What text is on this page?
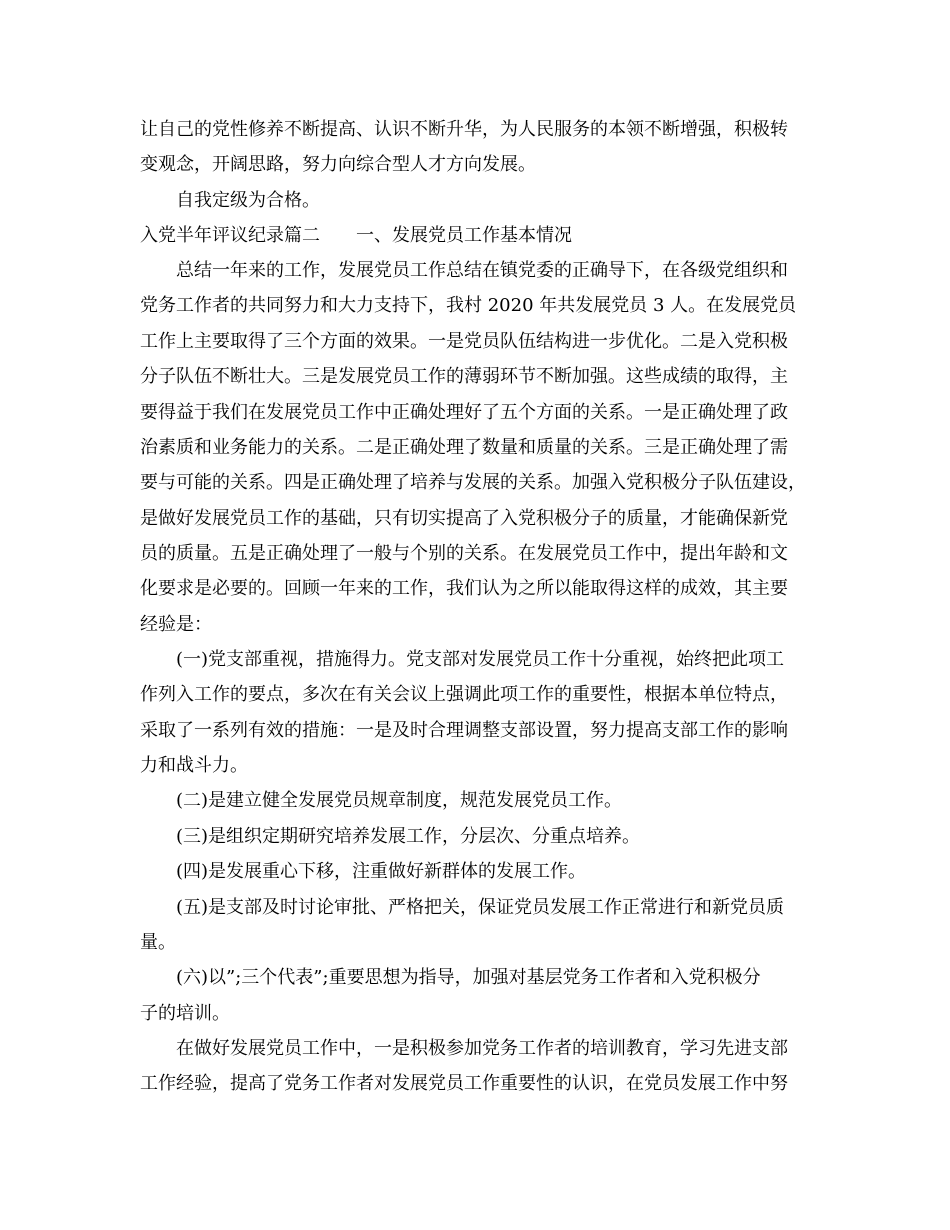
让自己的党性修养不断提高、认识不断升华，为人民服务的本领不断增强，积极转
变观念，开阔思路，努力向综合型人才方向发展。
自我定级为合格。
入党半年评议纪录篇二　　一、发展党员工作基本情况
总结一年来的工作，发展党员工作总结在镇党委的正确导下，在各级党组织和
党务工作者的共同努力和大力支持下，我村 2020 年共发展党员 3 人。在发展党员
工作上主要取得了三个方面的效果。一是党员队伍结构进一步优化。二是入党积极
分子队伍不断壮大。三是发展党员工作的薄弱环节不断加强。这些成绩的取得，主
要得益于我们在发展党员工作中正确处理好了五个方面的关系。一是正确处理了政
治素质和业务能力的关系。二是正确处理了数量和质量的关系。三是正确处理了需
要与可能的关系。四是正确处理了培养与发展的关系。加强入党积极分子队伍建设，
是做好发展党员工作的基础，只有切实提高了入党积极分子的质量，才能确保新党
员的质量。五是正确处理了一般与个别的关系。在发展党员工作中，提出年龄和文
化要求是必要的。回顾一年来的工作，我们认为之所以能取得这样的成效，其主要
经验是：
(一)党支部重视，措施得力。党支部对发展党员工作十分重视，始终把此项工
作列入工作的要点，多次在有关会议上强调此项工作的重要性，根据本单位特点，
采取了一系列有效的措施：一是及时合理调整支部设置，努力提高支部工作的影响
力和战斗力。
(二)是建立健全发展党员规章制度，规范发展党员工作。
(三)是组织定期研究培养发展工作，分层次、分重点培养。
(四)是发展重心下移，注重做好新群体的发展工作。
(五)是支部及时讨论审批、严格把关，保证党员发展工作正常进行和新党员质
量。
(六)以”;三个代表”;重要思想为指导，加强对基层党务工作者和入党积极分
子的培训。
在做好发展党员工作中，一是积极参加党务工作者的培训教育，学习先进支部
工作经验，提高了党务工作者对发展党员工作重要性的认识，在党员发展工作中努
